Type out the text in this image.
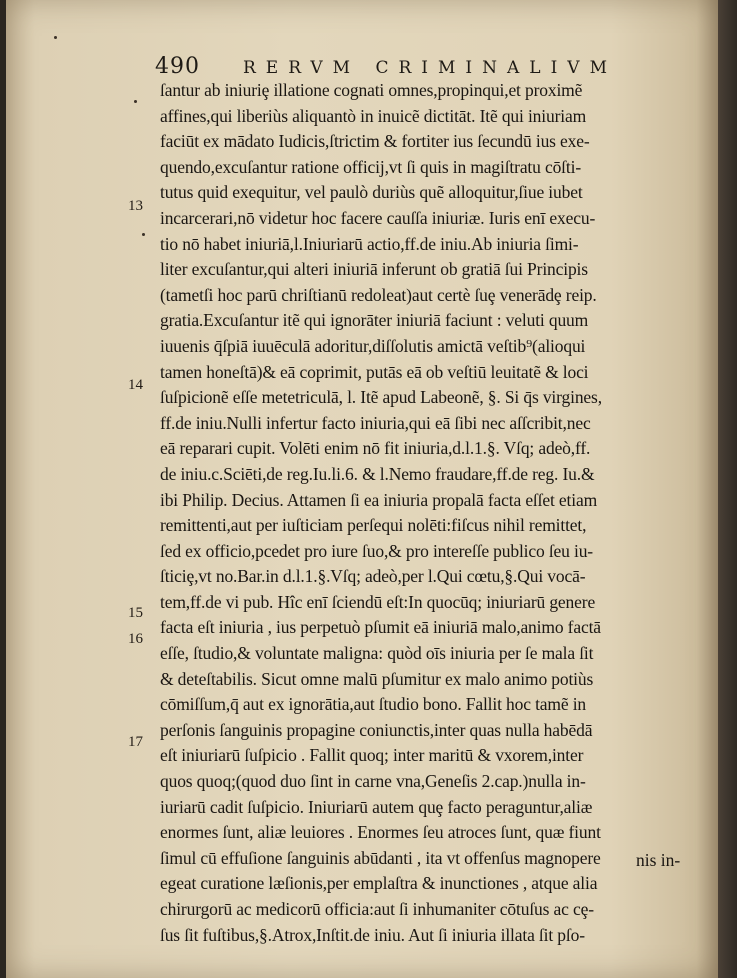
490	RERVM CRIMINALIVM
13
14
15
16
17
ſantur ab iniuriȩ illatione cognati omnes,propinqui,et proximẽ
affines,qui liberiùs aliquantò in inuicẽ dictitāt. Itẽ qui iniuriam
faciūt ex mādato Iudicis,ſtrictim & fortiter ius ſecundū ius exe-
quendo,excuſantur ratione officij,vt ſi quis in magiſtratu cōſti-
tutus quid exequitur, vel paulò duriùs quẽ alloquitur,ſiue iubet
incarcerari,nō videtur hoc facere cauſſa iniuriæ. Iuris enī execu-
tio nō habet iniuriā,l.Iniuriarū actio,ff.de iniu.Ab iniuria ſimi-
liter excuſantur,qui alteri iniuriā inferunt ob gratiā ſui Principis
(tametſi hoc parū chriſtianū redoleat)aut certè ſuȩ venerādȩ reip.
gratia.Excuſantur itẽ qui ignorāter iniuriā faciunt : veluti quum
iuuenis q̄ſpiā iuuēculā adoritur,diſſolutis amictā veſtib⁹(alioqui
tamen honeſtā)& eā coprimit, putās eā ob veſtiū leuitatẽ & loci
ſuſpicionẽ eſſe metetriculā, l. Itẽ apud Labeonẽ, §. Si q̄s virgines,
ff.de iniu.Nulli infertur facto iniuria,qui eā ſibi nec aſſcribit,nec
eā reparari cupit. Volēti enim nō fit iniuria,d.l.1.§. Vſq; adeò,ff.
de iniu.c.Sciēti,de reg.Iu.li.6. & l.Nemo fraudare,ff.de reg. Iu.&
ibi Philip. Decius. Attamen ſi ea iniuria propalā facta eſſet etiam
remittenti,aut per iuſticiam perſequi nolēti:fiſcus nihil remittet,
ſed ex officio,pcedet pro iure ſuo,& pro intereſſe publico ſeu iu-
ſticiȩ,vt no.Bar.in d.l.1.§.Vſq; adeò,per l.Qui cœtu,§.Qui vocā-
tem,ff.de vi pub. Hîc enī ſciendū eſt:In quocūq; iniuriarū genere
facta eſt iniuria , ius perpetuò pſumit eā iniuriā malo,animo factā
eſſe, ſtudio,& voluntate maligna: quòd oīs iniuria per ſe mala ſit
& deteſtabilis. Sicut omne malū pſumitur ex malo animo potiùs
cōmiſſum,q̄ aut ex ignorātia,aut ſtudio bono. Fallit hoc tamẽ in
perſonis ſanguinis propagine coniunctis,inter quas nulla habēdā
eſt iniuriarū ſuſpicio . Fallit quoq; inter maritū & vxorem,inter
quos quoq;(quod duo ſint in carne vna,Geneſis 2.cap.)nulla in-
iuriarū cadit ſuſpicio. Iniuriarū autem quȩ facto peraguntur,aliæ
enormes ſunt, aliæ leuiores . Enormes ſeu atroces ſunt, quæ fiunt
ſimul cū effuſione ſanguinis abūdanti , ita vt offenſus magnopere
egeat curatione læſionis,per emplaſtra & inunctiones , atque alia
chirurgorū ac medicorū officia:aut ſi inhumaniter cōtuſus ac cȩ-
ſus ſit fuſtibus,§.Atrox,Inſtit.de iniu. Aut ſi iniuria illata ſit pſo-
nis in-
